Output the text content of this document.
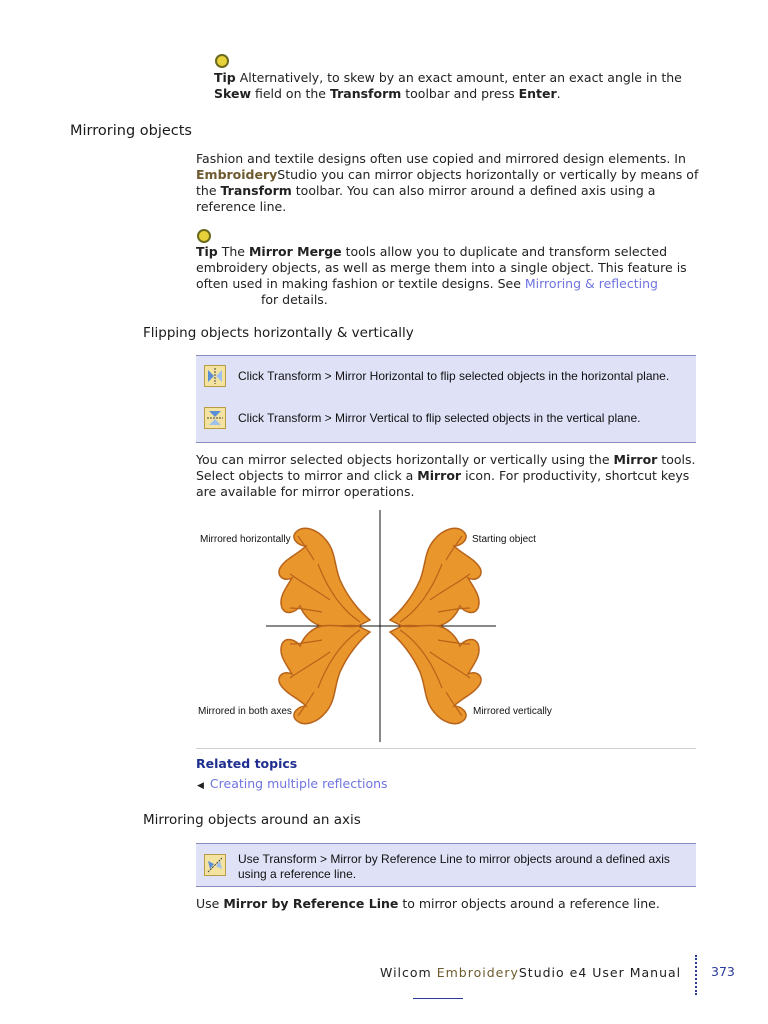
Tip Alternatively, to skew by an exact amount, enter an exact angle in the
Skew field on the Transform toolbar and press Enter.
Mirroring objects
Fashion and textile designs often use copied and mirrored design elements. In
EmbroideryStudio you can mirror objects horizontally or vertically by means of
the Transform toolbar. You can also mirror around a defined axis using a
reference line.
Tip The Mirror Merge tools allow you to duplicate and transform selected
embroidery objects, as well as merge them into a single object. This feature is
often used in making fashion or textile designs. See Mirroring & reflecting
for details.
Flipping objects horizontally & vertically
Click Transform > Mirror Horizontal to flip selected objects in the horizontal plane.
Click Transform > Mirror Vertical to flip selected objects in the vertical plane.
You can mirror selected objects horizontally or vertically using the Mirror tools.
Select objects to mirror and click a Mirror icon. For productivity, shortcut keys
are available for mirror operations.
Mirrored horizontally	Starting object
Mirrored in both axes	Mirrored vertically
Related topics
◀ Creating multiple reflections
Mirroring objects around an axis
Use Transform > Mirror by Reference Line to mirror objects around a defined axis
using a reference line.
Use Mirror by Reference Line to mirror objects around a reference line.
Wilcom EmbroideryStudio e4 User Manual 373
